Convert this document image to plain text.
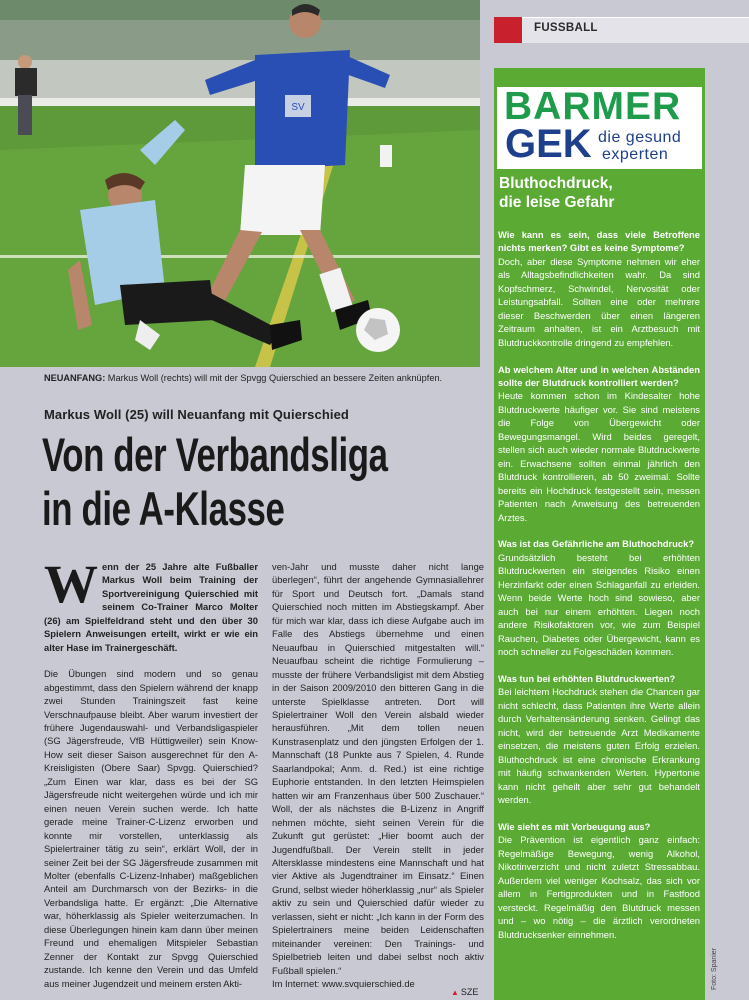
SV
NEUANFANG: Markus Woll (rechts) will mit der Spvgg Quierschied an bessere Zeiten anknüpfen.
Markus Woll (25) will Neuanfang mit Quierschied
Von der Verbandsliga
in die A-Klasse

Wenn der 25 Jahre alte Fußballer Markus Woll beim Training der Sportvereinigung Quierschied mit seinem Co-Trainer Marco Molter (26) am Spielfeldrand steht und den über 30 Spielern Anweisungen erteilt, wirkt er wie ein alter Hase im Trainergeschäft.

Die Übungen sind modern und so genau abgestimmt, dass den Spielern während der knapp zwei Stunden Trainingszeit fast keine Verschnaufpause bleibt. Aber warum investiert der frühere Jugendauswahl- und Verbandsligaspieler (SG Jägersfreude, VfB Hüttigweiler) sein Know-How seit dieser Saison ausgerechnet für den A-Kreisligisten (Obere Saar) Spvgg. Quierschied? „Zum Einen war klar, dass es bei der SG Jägersfreude nicht weitergehen würde und ich mir einen neuen Verein suchen werde. Ich hatte gerade meine Trainer-C-Lizenz erworben und konnte mir vorstellen, unterklassig als Spielertrainer tätig zu sein“, erklärt Woll, der in seiner Zeit bei der SG Jägersfreude zusammen mit Molter (ebenfalls C-Lizenz-Inhaber) maßgeblichen Anteil am Durchmarsch von der Bezirks- in die Verbandsliga hatte. Er ergänzt: „Die Alternative war, höherklassig als Spieler weiterzumachen. In diese Überlegungen hinein kam dann über meinen Freund und ehemaligen Mitspieler Sebastian Zenner der Kontakt zur Spvgg Quierschied zustande. Ich kenne den Verein und das Umfeld aus meiner Jugendzeit und meinem ersten Akti-

ven-Jahr und musste daher nicht lange überlegen“, führt der angehende Gymnasiallehrer für Sport und Deutsch fort. „Damals stand Quierschied noch mitten im Abstiegskampf. Aber für mich war klar, dass ich diese Aufgabe auch im Falle des Abstiegs übernehme und einen Neuaufbau in Quierschied mitgestalten will.“ Neuaufbau scheint die richtige Formulierung – musste der frühere Verbandsligist mit dem Abstieg in der Saison 2009/2010 den bitteren Gang in die unterste Spielklasse antreten. Dort will Spielertrainer Woll den Verein alsbald wieder herausführen. „Mit dem tollen neuen Kunstrasenplatz und den jüngsten Erfolgen der 1. Mannschaft (18 Punkte aus 7 Spielen, 4. Runde Saarlandpokal; Anm. d. Red.) ist eine richtige Euphorie entstanden. In den letzten Heimspielen hatten wir am Franzenhaus über 500 Zuschauer.“ Woll, der als nächstes die B-Lizenz in Angriff nehmen möchte, sieht seinen Verein für die Zukunft gut gerüstet: „Hier boomt auch der Jugendfußball. Der Verein stellt in jeder Altersklasse mindestens eine Mannschaft und hat vier Aktive als Jugendtrainer im Einsatz.“ Einen Grund, selbst wieder höherklassig „nur“ als Spieler aktiv zu sein und Quierschied dafür wieder zu verlassen, sieht er nicht: „Ich kann in der Form des Spielertrainers meine beiden Leidenschaften miteinander vereinen: Den Trainings- und Spielbetrieb leiten und dabei selbst noch aktiv Fußball spielen.“

Im Internet: www.svquierschied.de

▲ SZE
FUSSBALL
BARMER
GEK die gesund
experten
Bluthochdruck,
die leise Gefahr
Wie kann es sein, dass viele Betroffene nichts merken? Gibt es keine Symptome?
Doch, aber diese Symptome nehmen wir eher als Alltagsbefindlichkeiten wahr. Da sind Kopfschmerz, Schwindel, Nervosität oder Leistungsabfall. Sollten eine oder mehrere dieser Beschwerden über einen längeren Zeitraum anhalten, ist ein Arztbesuch mit Blutdruckkontrolle dringend zu empfehlen.
Ab welchem Alter und in welchen Abständen sollte der Blutdruck kontrolliert werden?
Heute kommen schon im Kindesalter hohe Blutdruckwerte häufiger vor. Sie sind meistens die Folge von Übergewicht oder Bewegungsmangel. Wird beides geregelt, stellen sich auch wieder normale Blutdruckwerte ein. Erwachsene sollten einmal jährlich den Blutdruck kontrollieren, ab 50 zweimal. Sollte bereits ein Hochdruck festgestellt sein, messen Patienten nach Anweisung des betreuenden Arztes.
Was ist das Gefährliche am Bluthochdruck?
Grundsätzlich besteht bei erhöhten Blutdruckwerten ein steigendes Risiko einen Herzinfarkt oder einen Schlaganfall zu erleiden. Wenn beide Werte hoch sind sowieso, aber auch bei nur einem erhöhten. Liegen noch andere Risikofaktoren vor, wie zum Beispiel Rauchen, Diabetes oder Übergewicht, kann es noch schneller zu Folgeschäden kommen.
Was tun bei erhöhten Blutdruckwerten?
Bei leichtem Hochdruck stehen die Chancen gar nicht schlecht, dass Patienten ihre Werte allein durch Verhaltensänderung senken. Gelingt das nicht, wird der betreuende Arzt Medikamente einsetzen, die meistens guten Erfolg erzielen. Bluthochdruck ist eine chronische Erkrankung mit häufig schwankenden Werten. Hypertonie kann nicht geheilt aber sehr gut behandelt werden.
Wie sieht es mit Vorbeugung aus?
Die Prävention ist eigentlich ganz einfach: Regelmäßige Bewegung, wenig Alkohol, Nikotinverzicht und nicht zuletzt Stressabbau. Außerdem viel weniger Kochsalz, das sich vor allem in Fertigprodukten und in Fastfood versteckt. Regelmäßig den Blutdruck messen und – wo nötig – die ärztlich verordneten Blutdrucksenker einnehmen.
Foto: Spanier
